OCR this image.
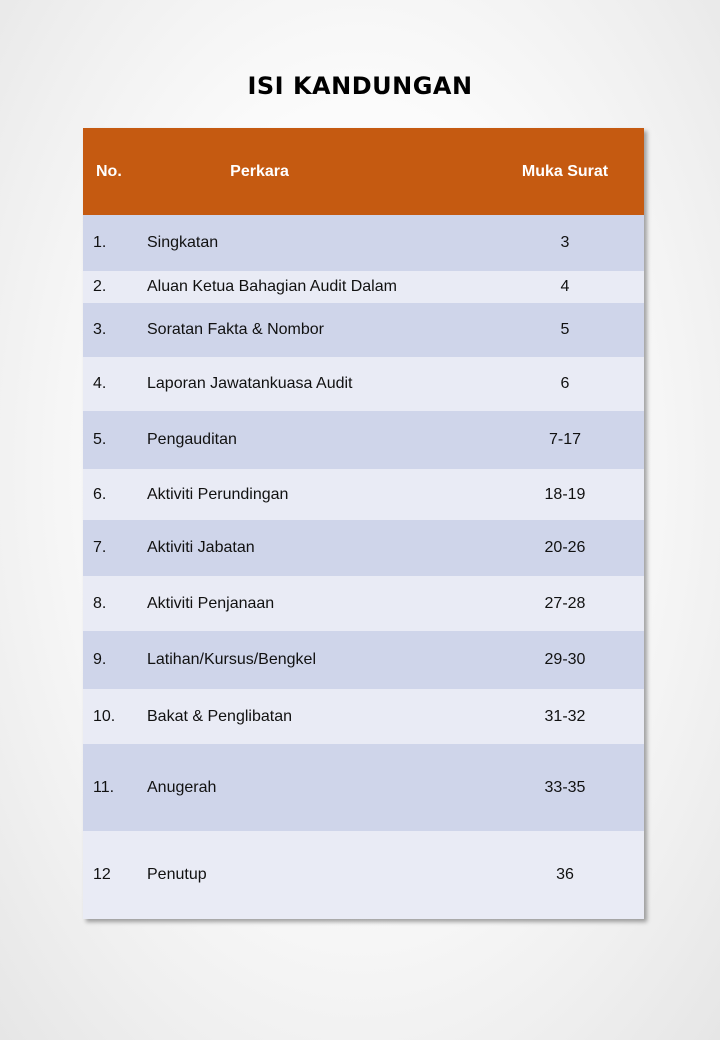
ISI KANDUNGAN
No.	Perkara	Muka Surat
1.	Singkatan	3
2.	Aluan Ketua Bahagian Audit Dalam	4
3.	Soratan Fakta & Nombor	5
4.	Laporan Jawatankuasa Audit	6
5.	Pengauditan	7-17
6.	Aktiviti Perundingan	18-19
7.	Aktiviti Jabatan	20-26
8.	Aktiviti Penjanaan	27-28
9.	Latihan/Kursus/Bengkel	29-30
10.	Bakat & Penglibatan	31-32
11.	Anugerah	33-35
12	Penutup	36
